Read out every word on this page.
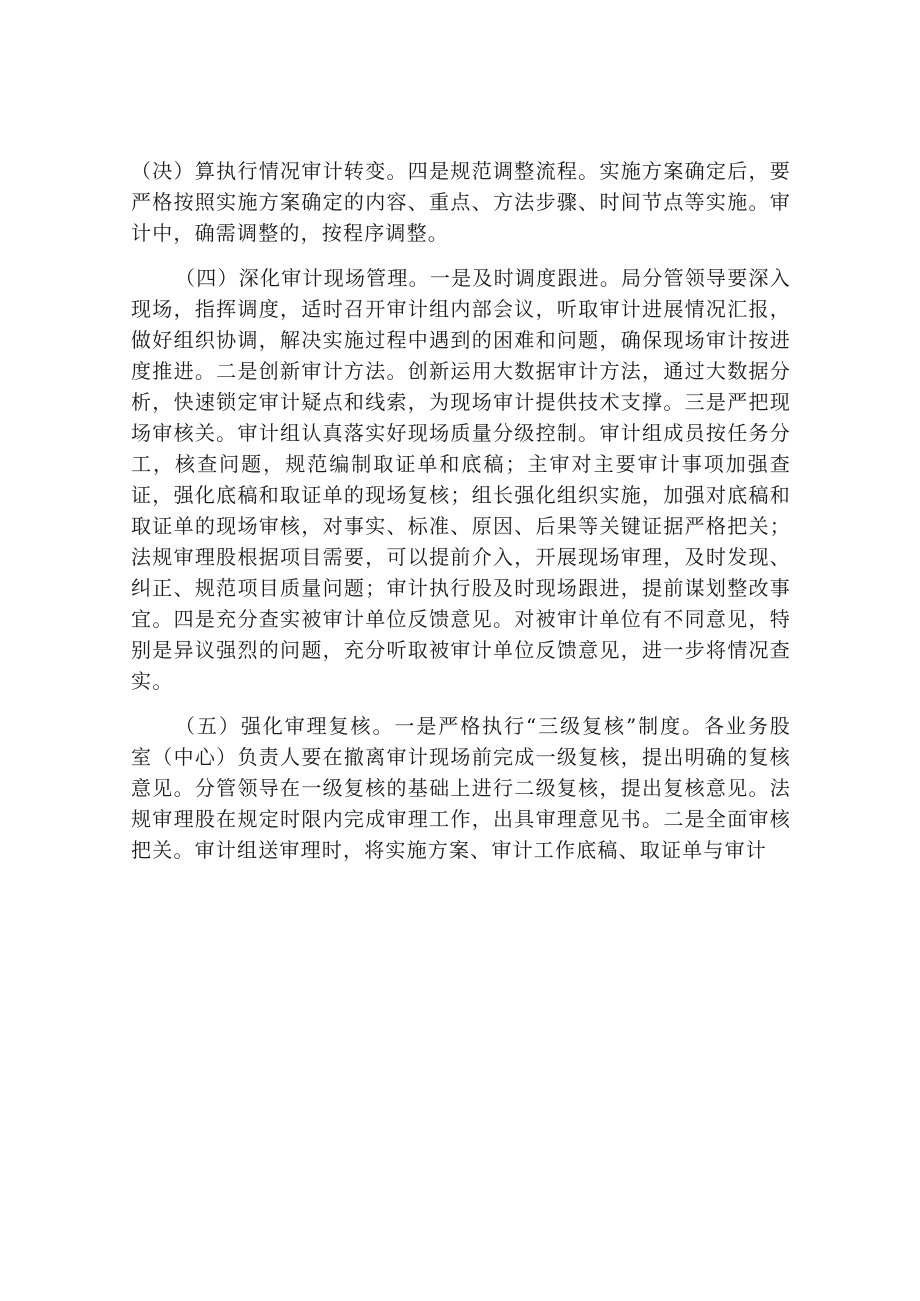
（决）算执行情况审计转变。四是规范调整流程。实施方案确定后，要严格按照实施方案确定的内容、重点、方法步骤、时间节点等实施。审计中，确需调整的，按程序调整。

（四）深化审计现场管理。一是及时调度跟进。局分管领导要深入现场，指挥调度，适时召开审计组内部会议，听取审计进展情况汇报，做好组织协调，解决实施过程中遇到的困难和问题，确保现场审计按进度推进。二是创新审计方法。创新运用大数据审计方法，通过大数据分析，快速锁定审计疑点和线索，为现场审计提供技术支撑。三是严把现场审核关。审计组认真落实好现场质量分级控制。审计组成员按任务分工，核查问题，规范编制取证单和底稿；主审对主要审计事项加强查证，强化底稿和取证单的现场复核；组长强化组织实施，加强对底稿和取证单的现场审核，对事实、标准、原因、后果等关键证据严格把关；法规审理股根据项目需要，可以提前介入，开展现场审理，及时发现、纠正、规范项目质量问题；审计执行股及时现场跟进，提前谋划整改事宜。四是充分查实被审计单位反馈意见。对被审计单位有不同意见，特别是异议强烈的问题，充分听取被审计单位反馈意见，进一步将情况查实。

（五）强化审理复核。一是严格执行“三级复核”制度。各业务股室（中心）负责人要在撤离审计现场前完成一级复核，提出明确的复核意见。分管领导在一级复核的基础上进行二级复核，提出复核意见。法规审理股在规定时限内完成审理工作，出具审理意见书。二是全面审核把关。审计组送审理时，将实施方案、审计工作底稿、取证单与审计
